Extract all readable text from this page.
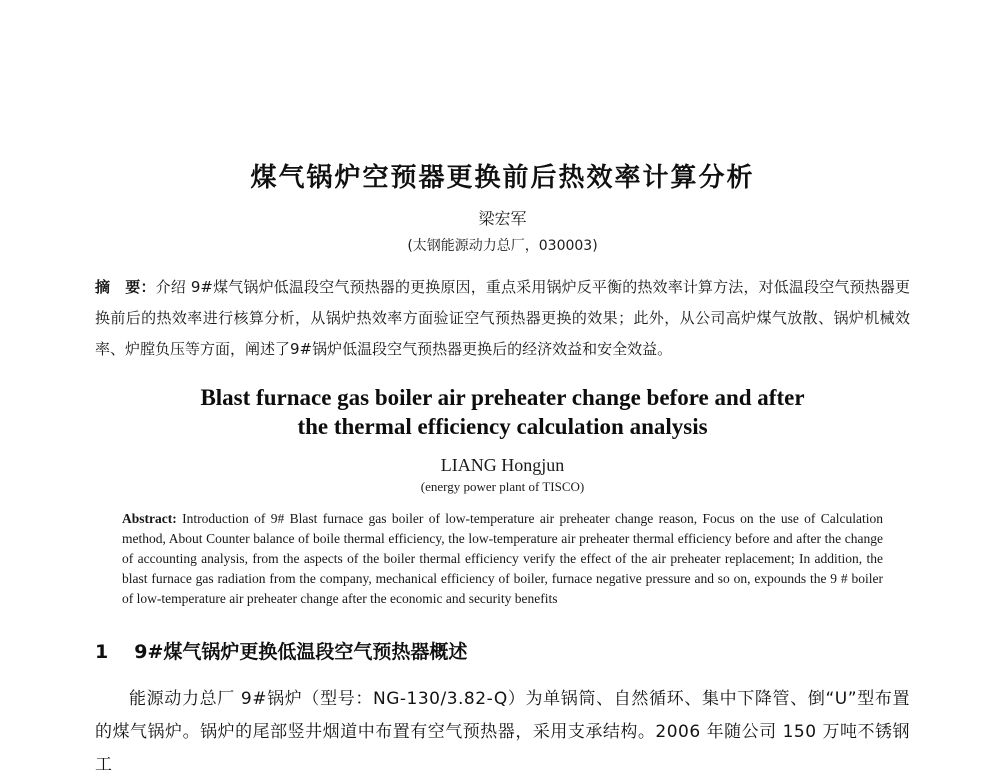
煤气锅炉空预器更换前后热效率计算分析
梁宏军
(太钢能源动力总厂，030003)
摘　要：介绍 9#煤气锅炉低温段空气预热器的更换原因，重点采用锅炉反平衡的热效率计算方法，对低温段空气预热器更换前后的热效率进行核算分析，从锅炉热效率方面验证空气预热器更换的效果；此外，从公司高炉煤气放散、锅炉机械效率、炉膛负压等方面，阐述了9#锅炉低温段空气预热器更换后的经济效益和安全效益。
Blast furnace gas boiler air preheater change before and after
the thermal efficiency calculation analysis
LIANG Hongjun
(energy power plant of TISCO)
Abstract: Introduction of 9# Blast furnace gas boiler of low-temperature air preheater change reason, Focus on the use of Calculation method, About Counter balance of boile thermal efficiency, the low-temperature air preheater thermal efficiency before and after the change of accounting analysis, from the aspects of the boiler thermal efficiency verify the effect of the air preheater replacement; In addition, the blast furnace gas radiation from the company, mechanical efficiency of boiler, furnace negative pressure and so on, expounds the 9 # boiler of low-temperature air preheater change after the economic and security benefits
1 9#煤气锅炉更换低温段空气预热器概述
能源动力总厂 9#锅炉（型号：NG-130/3.82-Q）为单锅筒、自然循环、集中下降管、倒“U”型布置的煤气锅炉。锅炉的尾部竖井烟道中布置有空气预热器，采用支承结构。2006 年随公司 150 万吨不锈钢工
